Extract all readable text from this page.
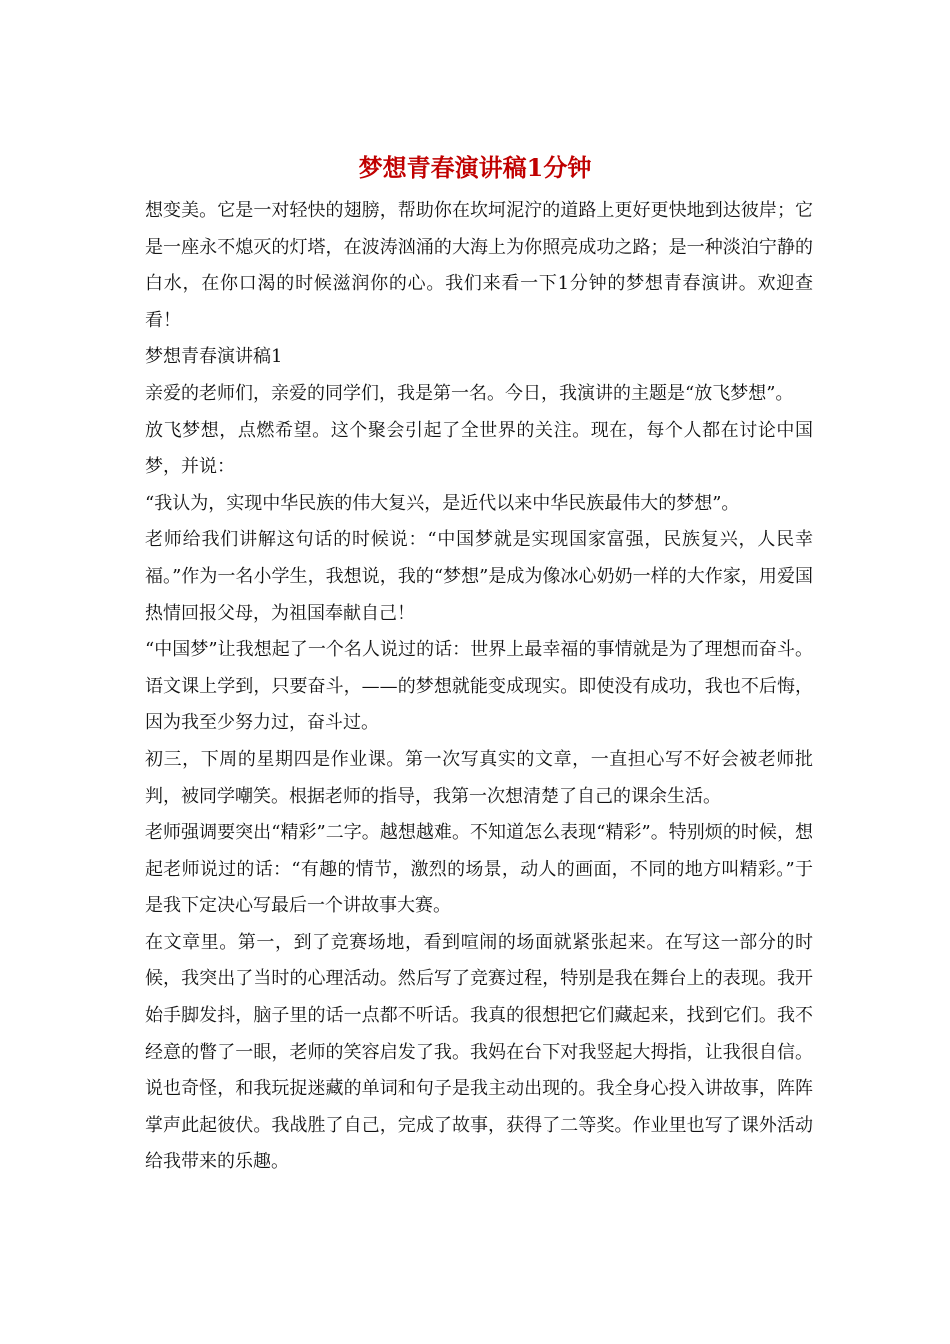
梦想青春演讲稿1分钟

想变美。它是一对轻快的翅膀，帮助你在坎坷泥泞的道路上更好更快地到达彼岸；它是一座永不熄灭的灯塔，在波涛汹涌的大海上为你照亮成功之路；是一种淡泊宁静的白水，在你口渴的时候滋润你的心。我们来看一下1分钟的梦想青春演讲。欢迎查看！

梦想青春演讲稿1

亲爱的老师们，亲爱的同学们，我是第一名。今日，我演讲的主题是“放飞梦想”。

放飞梦想，点燃希望。这个聚会引起了全世界的关注。现在，每个人都在讨论中国梦，并说：

“我认为，实现中华民族的伟大复兴，是近代以来中华民族最伟大的梦想”。

老师给我们讲解这句话的时候说：“中国梦就是实现国家富强，民族复兴，人民幸福。”作为一名小学生，我想说，我的“梦想”是成为像冰心奶奶一样的大作家，用爱国热情回报父母，为祖国奉献自己！

“中国梦”让我想起了一个名人说过的话：世界上最幸福的事情就是为了理想而奋斗。语文课上学到，只要奋斗，——的梦想就能变成现实。即使没有成功，我也不后悔，因为我至少努力过，奋斗过。

初三，下周的星期四是作业课。第一次写真实的文章，一直担心写不好会被老师批判，被同学嘲笑。根据老师的指导，我第一次想清楚了自己的课余生活。

老师强调要突出“精彩”二字。越想越难。不知道怎么表现“精彩”。特别烦的时候，想起老师说过的话：“有趣的情节，激烈的场景，动人的画面，不同的地方叫精彩。”于是我下定决心写最后一个讲故事大赛。

在文章里。第一，到了竞赛场地，看到喧闹的场面就紧张起来。在写这一部分的时候，我突出了当时的心理活动。然后写了竞赛过程，特别是我在舞台上的表现。我开始手脚发抖，脑子里的话一点都不听话。我真的很想把它们藏起来，找到它们。我不经意的瞥了一眼，老师的笑容启发了我。我妈在台下对我竖起大拇指，让我很自信。说也奇怪，和我玩捉迷藏的单词和句子是我主动出现的。我全身心投入讲故事，阵阵掌声此起彼伏。我战胜了自己，完成了故事，获得了二等奖。作业里也写了课外活动给我带来的乐趣。
